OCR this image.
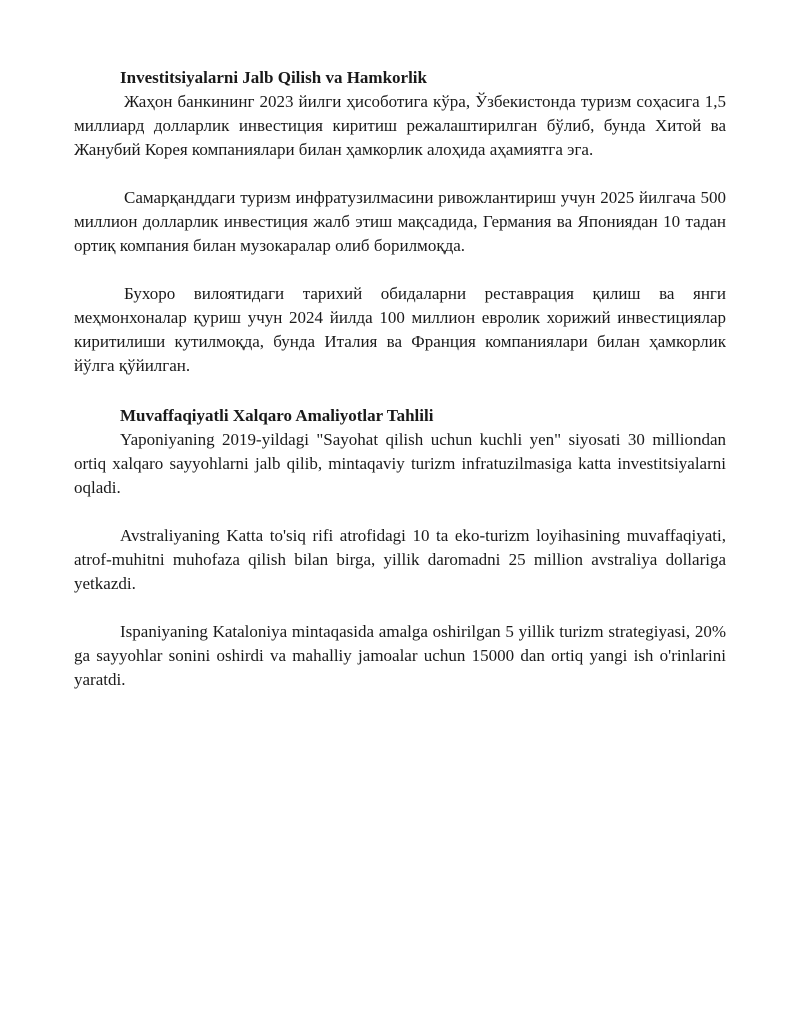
Investitsiyalarni Jalb Qilish va Hamkorlik

Жаҳон банкининг 2023 йилги ҳисоботига кўра, Ўзбекистонда туризм соҳасига 1,5 миллиард долларлик инвестиция киритиш режалаштирилган бўлиб, бунда Хитой ва Жанубий Корея компаниялари билан ҳамкорлик алоҳида аҳамиятга эга.

Самарқанддаги туризм инфратузилмасини ривожлантириш учун 2025 йилгача 500 миллион долларлик инвестиция жалб этиш мақсадида, Германия ва Япониядан 10 тадан ортиқ компания билан музокаралар олиб борилмоқда.

Бухоро вилоятидаги тарихий обидаларни реставрация қилиш ва янги меҳмонхоналар қуриш учун 2024 йилда 100 миллион евролик хорижий инвестициялар киритилиши кутилмоқда, бунда Италия ва Франция компаниялари билан ҳамкорлик йўлга қўйилган.

Muvaffaqiyatli Xalqaro Amaliyotlar Tahlili

Yaponiyaning 2019-yildagi "Sayohat qilish uchun kuchli yen" siyosati 30 milliondan ortiq xalqaro sayyohlarni jalb qilib, mintaqaviy turizm infratuzilmasiga katta investitsiyalarni oqladi.

Avstraliyaning Katta to'siq rifi atrofidagi 10 ta eko-turizm loyihasining muvaffaqiyati, atrof-muhitni muhofaza qilish bilan birga, yillik daromadni 25 million avstraliya dollariga yetkazdi.

Ispaniyaning Kataloniya mintaqasida amalga oshirilgan 5 yillik turizm strategiyasi, 20% ga sayyohlar sonini oshirdi va mahalliy jamoalar uchun 15000 dan ortiq yangi ish o'rinlarini yaratdi.
